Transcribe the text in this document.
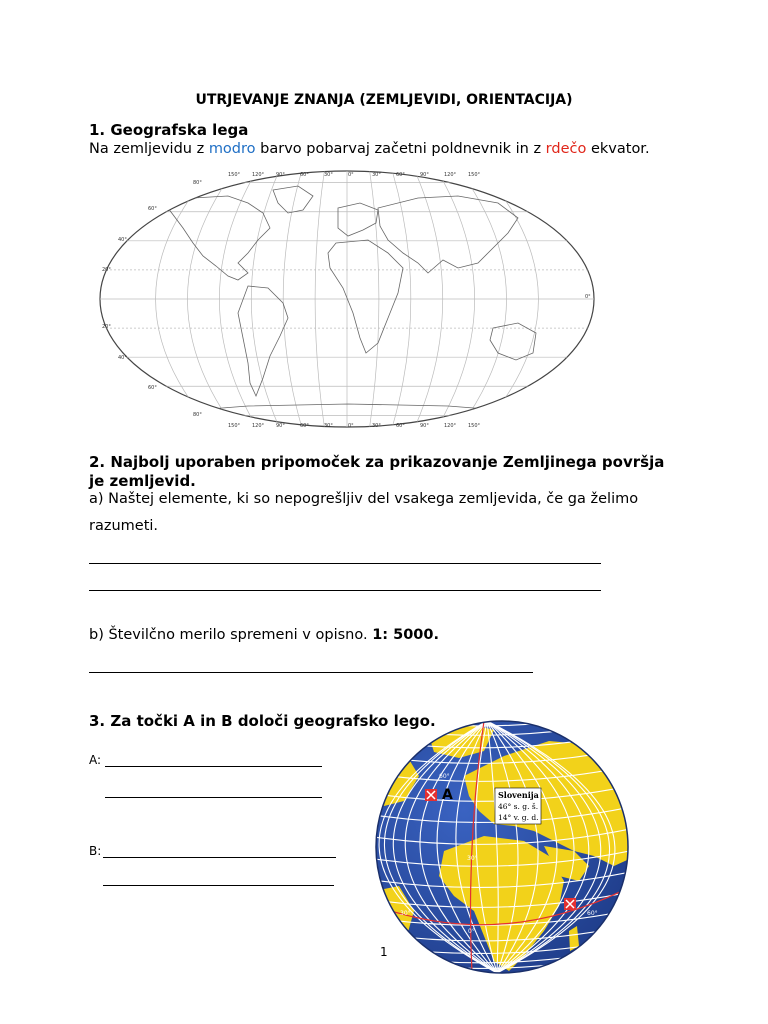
UTRJEVANJE ZNANJA (ZEMLJEVIDI, ORIENTACIJA)
1. Geografska lega
Na zemljevidu z modro barvo pobarvaj začetni poldnevnik in z rdečo ekvator.
150° 120° 90°	60°	30°	0°	30°	60°	90°	120° 150°
150° 120° 90°	60°	30°	0°	30°	60°	90°	120° 150°
80°
60°
40°
20°
20°
40°
60°
80°
0°
2. Najbolj uporaben pripomoček za prikazovanje Zemljinega površja
je zemljevid.
a) Naštej elemente, ki so nepogrešljiv del vsakega zemljevida, če ga želimo
razumeti.
b) Številčno merilo spremeni v opisno. 1: 5000.
3. Za točki A in B določi geografsko lego.
A:
B:
60°
30°
0°
30°	60°
A	Slovenija
46° s. g. š.
14° v. g. d.
1
